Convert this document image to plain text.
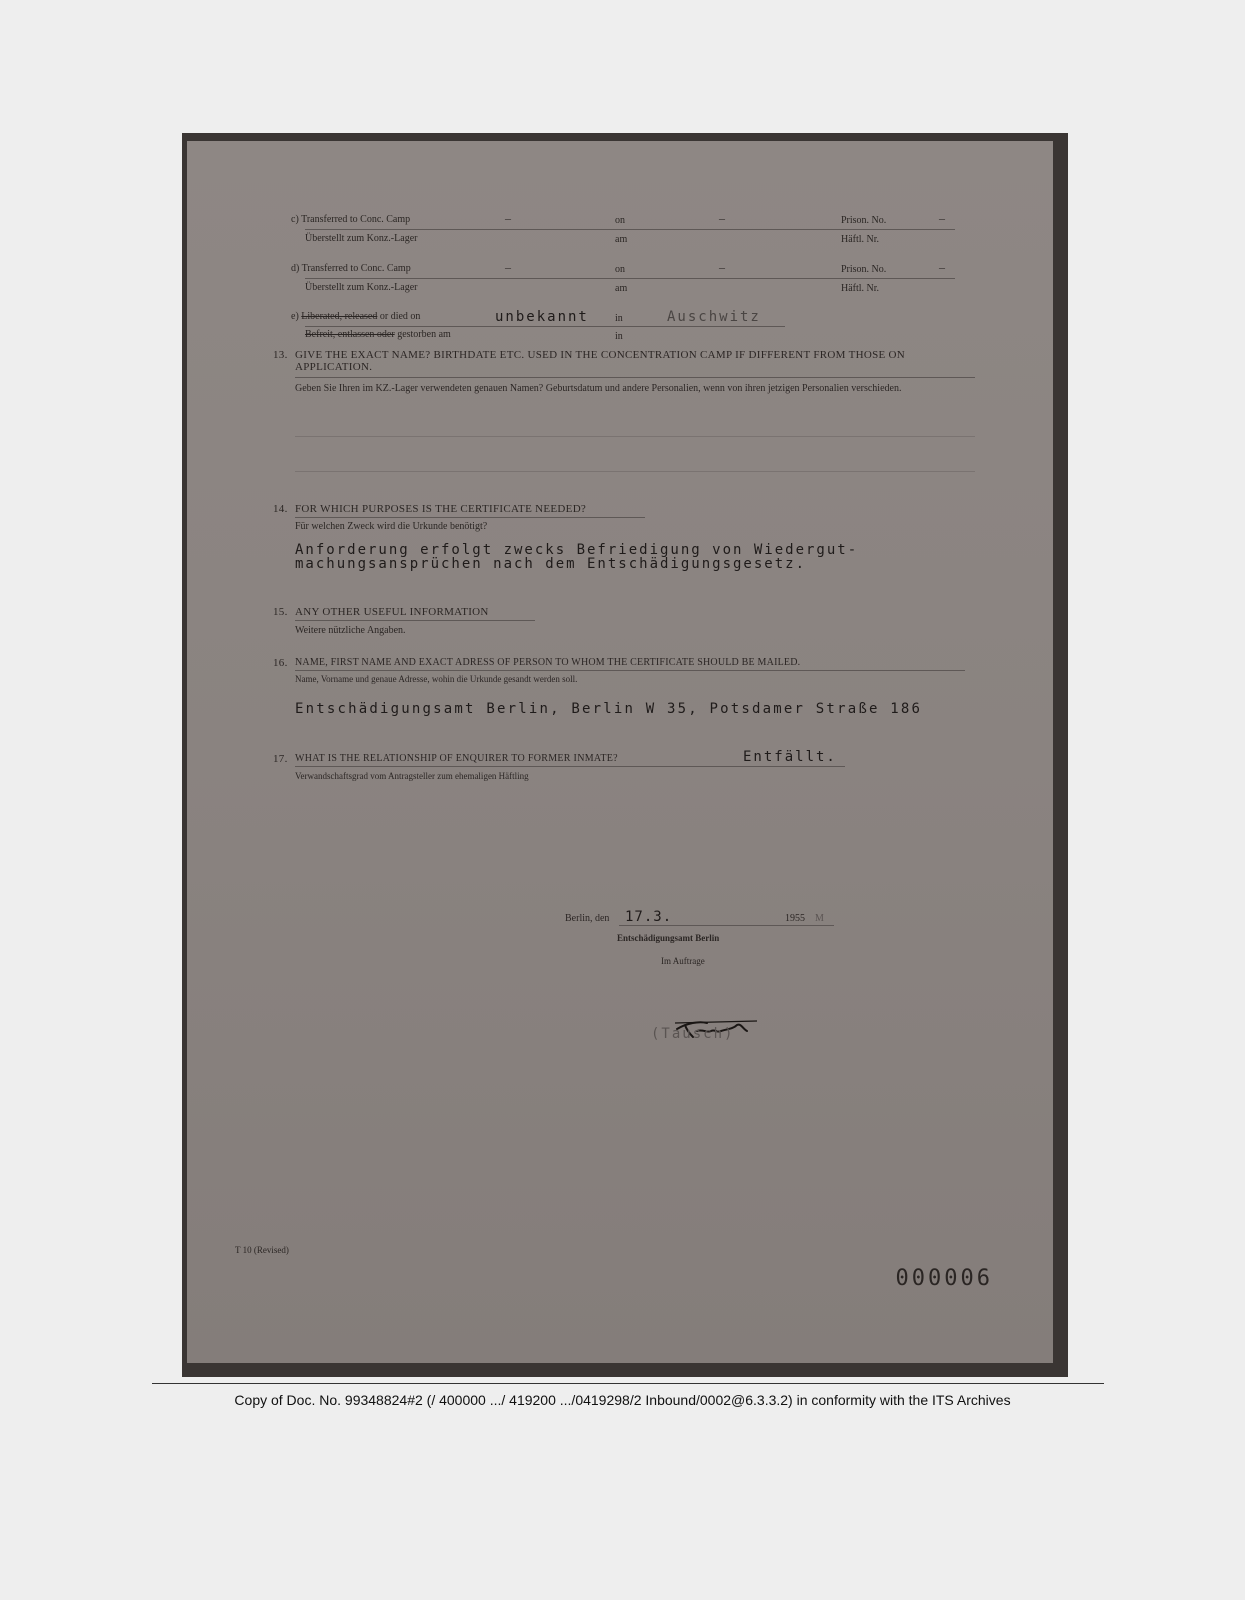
c) Transferred to Conc. Camp	–	on	–	Prison. No.	–
Überstellt zum Konz.-Lager	am	Häftl. Nr.
d) Transferred to Conc. Camp	–	on	–	Prison. No.	–
Überstellt zum Konz.-Lager	am	Häftl. Nr.
e) Liberated, released or died on	unbekannt	in	Auschwitz
Befreit, entlassen oder gestorben am	in
13. GIVE THE EXACT NAME? BIRTHDATE ETC. USED IN THE CONCENTRATION CAMP IF DIFFERENT FROM THOSE ON APPLICATION.
Geben Sie Ihren im KZ.-Lager verwendeten genauen Namen? Geburtsdatum und andere Personalien, wenn von ihren jetzigen Personalien verschieden.
14. FOR WHICH PURPOSES IS THE CERTIFICATE NEEDED?
Für welchen Zweck wird die Urkunde benötigt?
Anforderung erfolgt zwecks Befriedigung von Wiedergut-
machungsansprüchen nach dem Entschädigungsgesetz.
15. ANY OTHER USEFUL INFORMATION
Weitere nützliche Angaben.
16. NAME, FIRST NAME AND EXACT ADRESS OF PERSON TO WHOM THE CERTIFICATE SHOULD BE MAILED.
Name, Vorname und genaue Adresse, wohin die Urkunde gesandt werden soll.
Entschädigungsamt Berlin, Berlin W 35, Potsdamer Straße 186
17. WHAT IS THE RELATIONSHIP OF ENQUIRER TO FORMER INMATE?	Entfällt.
Verwandschaftsgrad vom Antragsteller zum ehemaligen Häftling
Berlin, den 17.3.	1955 M
Entschädigungsamt Berlin
Im Auftrage
(Tausch)
T 10 (Revised)
000006
Copy of Doc. No. 99348824#2 (/ 400000 .../ 419200 .../0419298/2 Inbound/0002@6.3.3.2) in conformity with the ITS Archives
